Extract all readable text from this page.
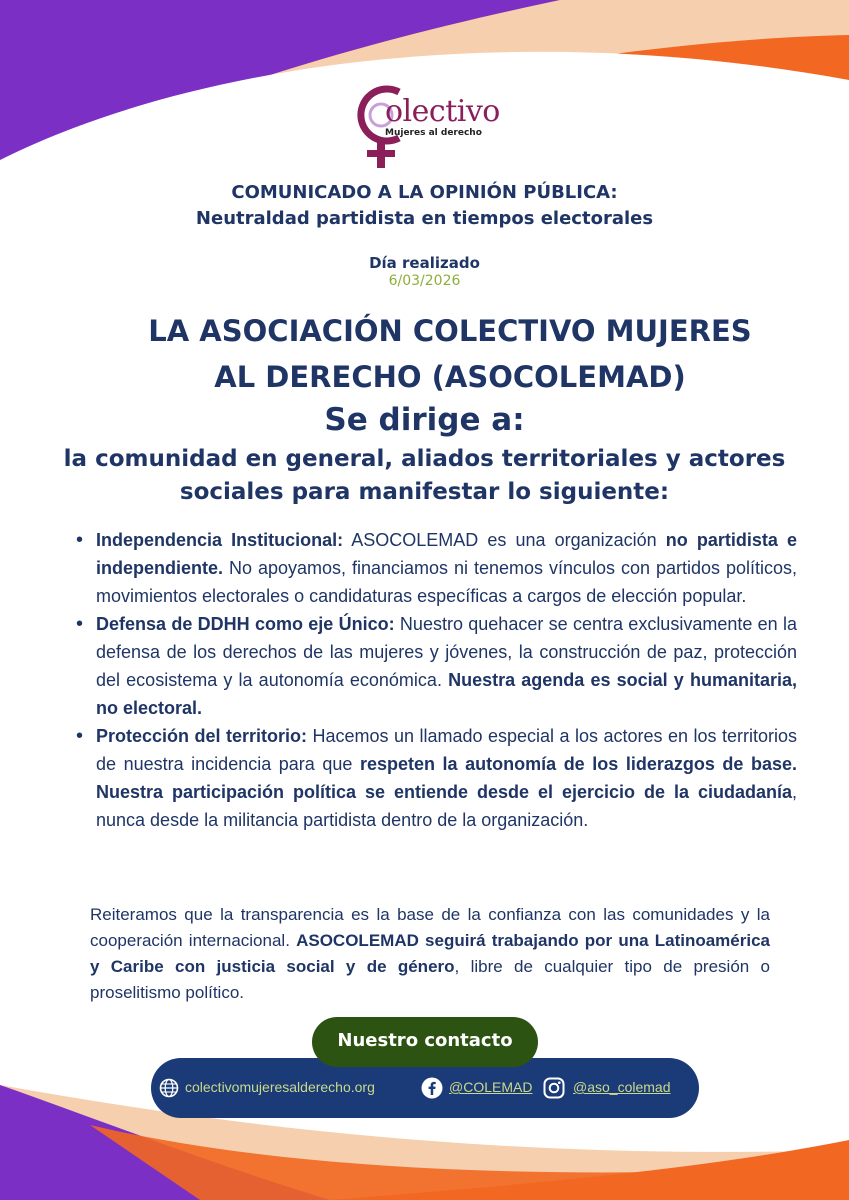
olectivo
Mujeres al derecho
COMUNICADO A LA OPINIÓN PÚBLICA:
Neutraldad partidista en tiempos electorales
Día realizado
6/03/2026
LA ASOCIACIÓN COLECTIVO MUJERES
AL DERECHO (ASOCOLEMAD)
Se dirige a:
la comunidad en general, aliados territoriales y actores
sociales para manifestar lo siguiente:
• Independencia Institucional: ASOCOLEMAD es una organización no partidista e independiente. No apoyamos, financiamos ni tenemos vínculos con partidos políticos, movimientos electorales o candidaturas específicas a cargos de elección popular.
• Defensa de DDHH como eje Único: Nuestro quehacer se centra exclusivamente en la defensa de los derechos de las mujeres y jóvenes, la construcción de paz, protección del ecosistema y la autonomía económica. Nuestra agenda es social y humanitaria, no electoral.
• Protección del territorio: Hacemos un llamado especial a los actores en los territorios de nuestra incidencia para que respeten la autonomía de los liderazgos de base. Nuestra participación política se entiende desde el ejercicio de la ciudadanía, nunca desde la militancia partidista dentro de la organización.
Reiteramos que la transparencia es la base de la confianza con las comunidades y la cooperación internacional. ASOCOLEMAD seguirá trabajando por una Latinoamérica y Caribe con justicia social y de género, libre de cualquier tipo de presión o proselitismo político.
Nuestro contacto
colectivomujeresalderecho.org	@COLEMAD	@aso_colemad
